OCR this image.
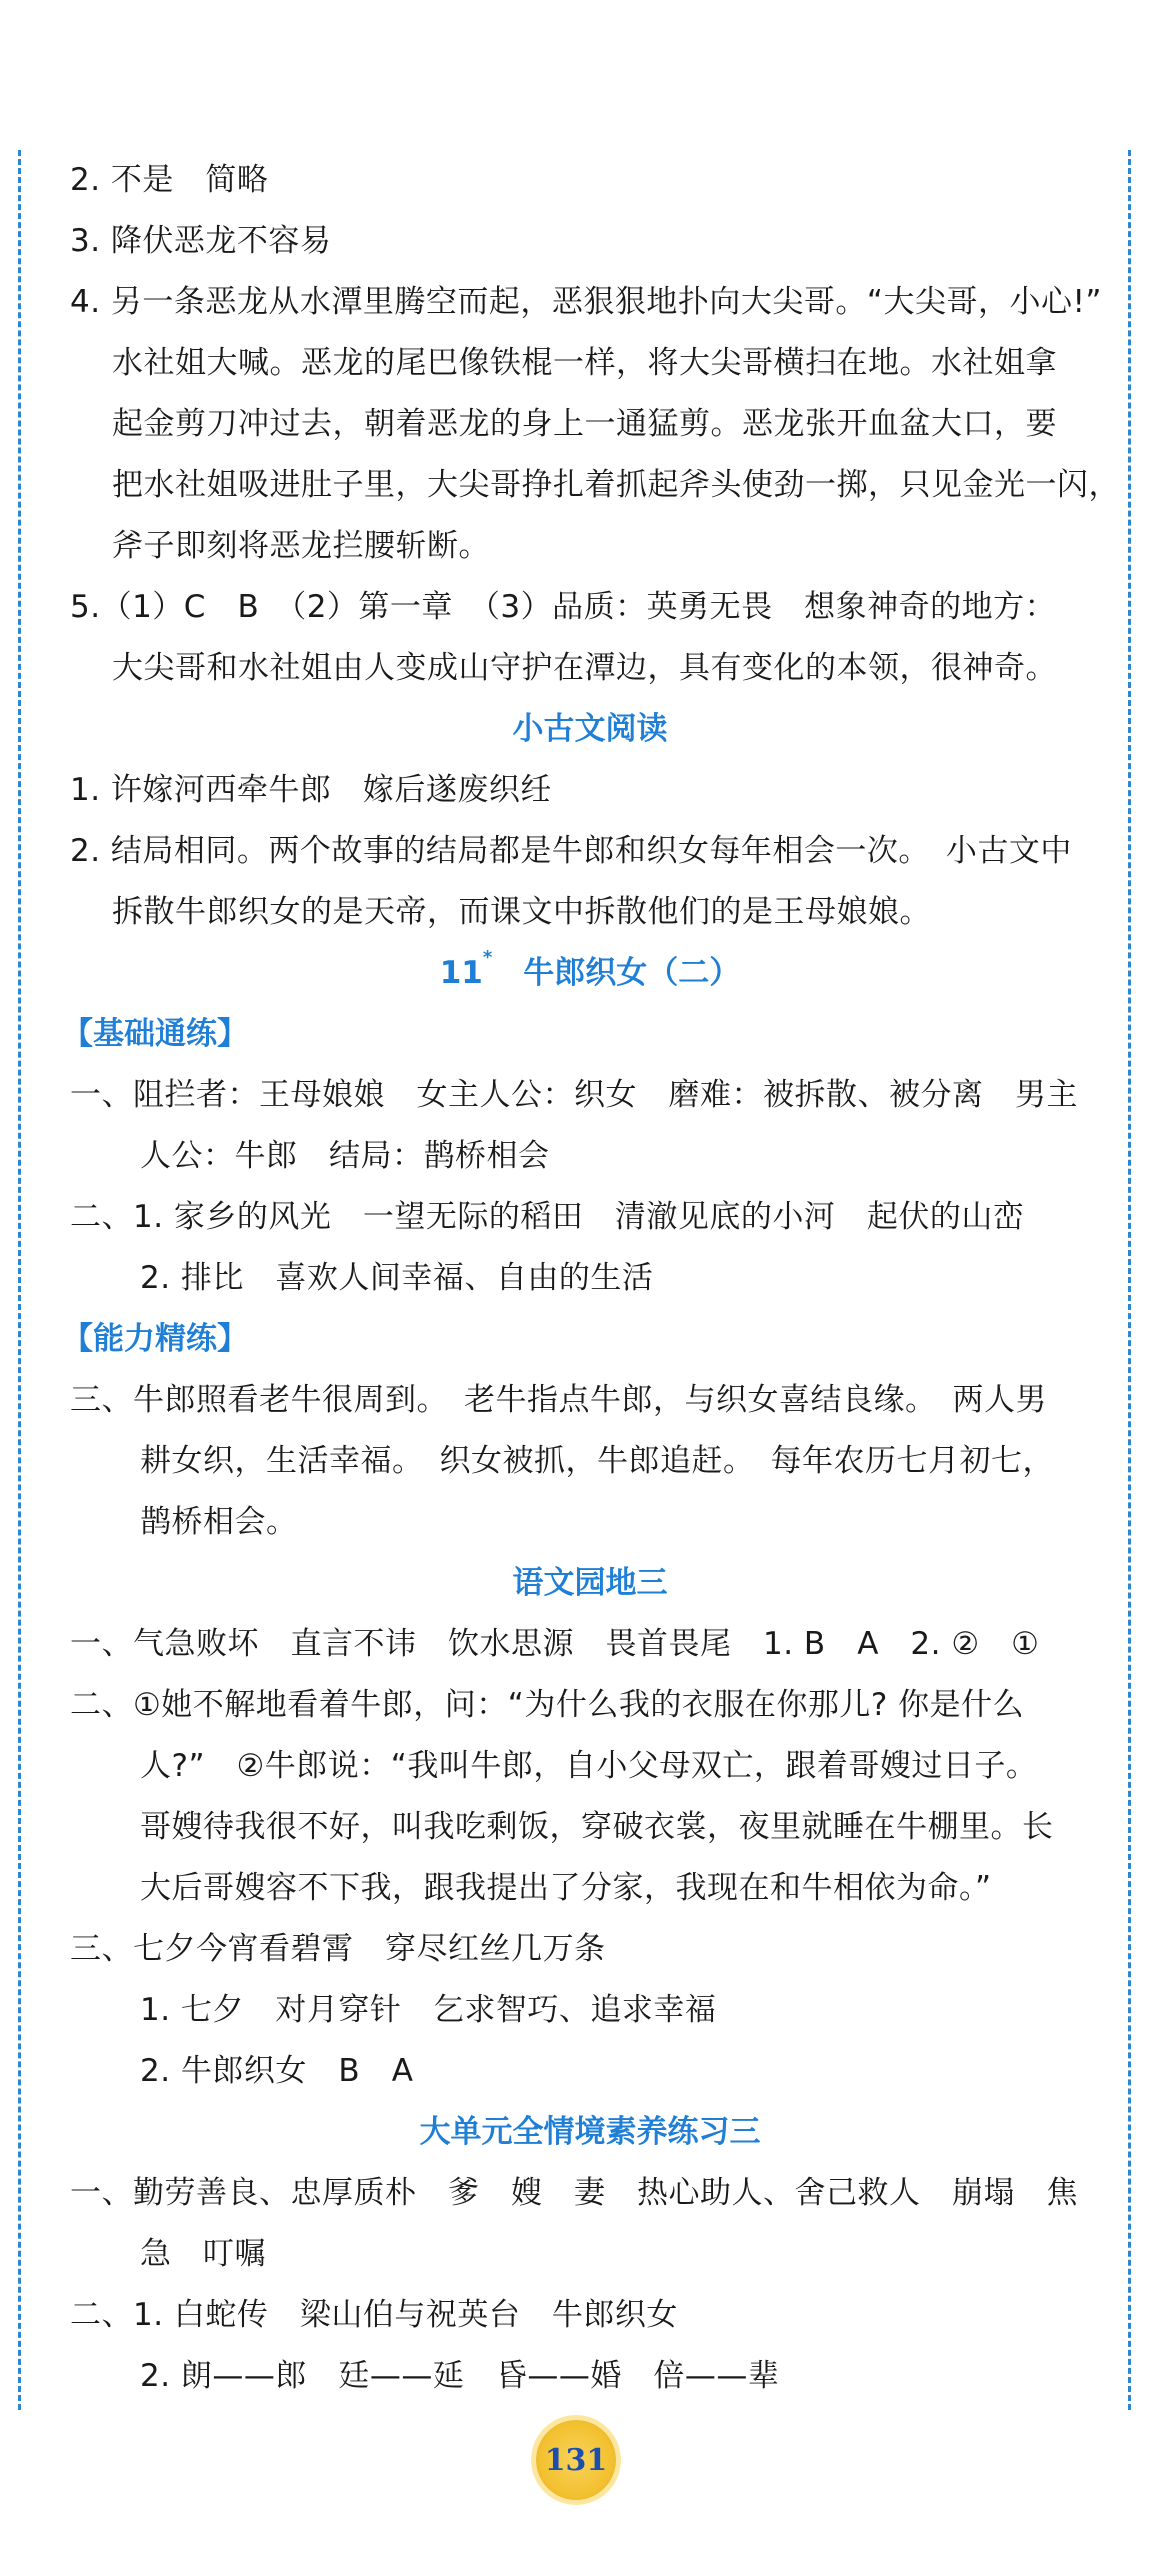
2. 不是　简略
3. 降伏恶龙不容易
4. 另一条恶龙从水潭里腾空而起，恶狠狠地扑向大尖哥。“大尖哥，小心!”
水社姐大喊。恶龙的尾巴像铁棍一样，将大尖哥横扫在地。水社姐拿
起金剪刀冲过去，朝着恶龙的身上一通猛剪。恶龙张开血盆大口，要
把水社姐吸进肚子里，大尖哥挣扎着抓起斧头使劲一掷，只见金光一闪，
斧子即刻将恶龙拦腰斩断。
5.（1）C　B　（2）第一章　（3）品质：英勇无畏　想象神奇的地方：
大尖哥和水社姐由人变成山守护在潭边，具有变化的本领，很神奇。
小古文阅读
1. 许嫁河西牵牛郎　嫁后遂废织纴
2. 结局相同。两个故事的结局都是牛郎和织女每年相会一次。　小古文中
拆散牛郎织女的是天帝，而课文中拆散他们的是王母娘娘。
11*　 牛郎织女（二）
【基础通练】
一、阻拦者：王母娘娘　女主人公：织女　磨难：被拆散、被分离　男主
人公：牛郎　结局：鹊桥相会
二、1. 家乡的风光　一望无际的稻田　清澈见底的小河　起伏的山峦
2. 排比　喜欢人间幸福、自由的生活
【能力精练】
三、牛郎照看老牛很周到。　老牛指点牛郎，与织女喜结良缘。　两人男
耕女织，生活幸福。　织女被抓，牛郎追赶。　每年农历七月初七，
鹊桥相会。
语文园地三
一、气急败坏　直言不讳　饮水思源　畏首畏尾　1. B　A　2. ②　①
二、①她不解地看着牛郎，问：“为什么我的衣服在你那儿? 你是什么
人?”　②牛郎说：“我叫牛郎，自小父母双亡，跟着哥嫂过日子。
哥嫂待我很不好，叫我吃剩饭，穿破衣裳，夜里就睡在牛棚里。长
大后哥嫂容不下我，跟我提出了分家，我现在和牛相依为命。”
三、七夕今宵看碧霄　穿尽红丝几万条
1. 七夕　对月穿针　乞求智巧、追求幸福
2. 牛郎织女　B　A
大单元全情境素养练习三
一、勤劳善良、忠厚质朴　爹　嫂　妻　热心助人、舍己救人　崩塌　焦
急　叮嘱
二、1. 白蛇传　梁山伯与祝英台　牛郎织女
2. 朗——郎　廷——延　昏——婚　倍——辈
131
